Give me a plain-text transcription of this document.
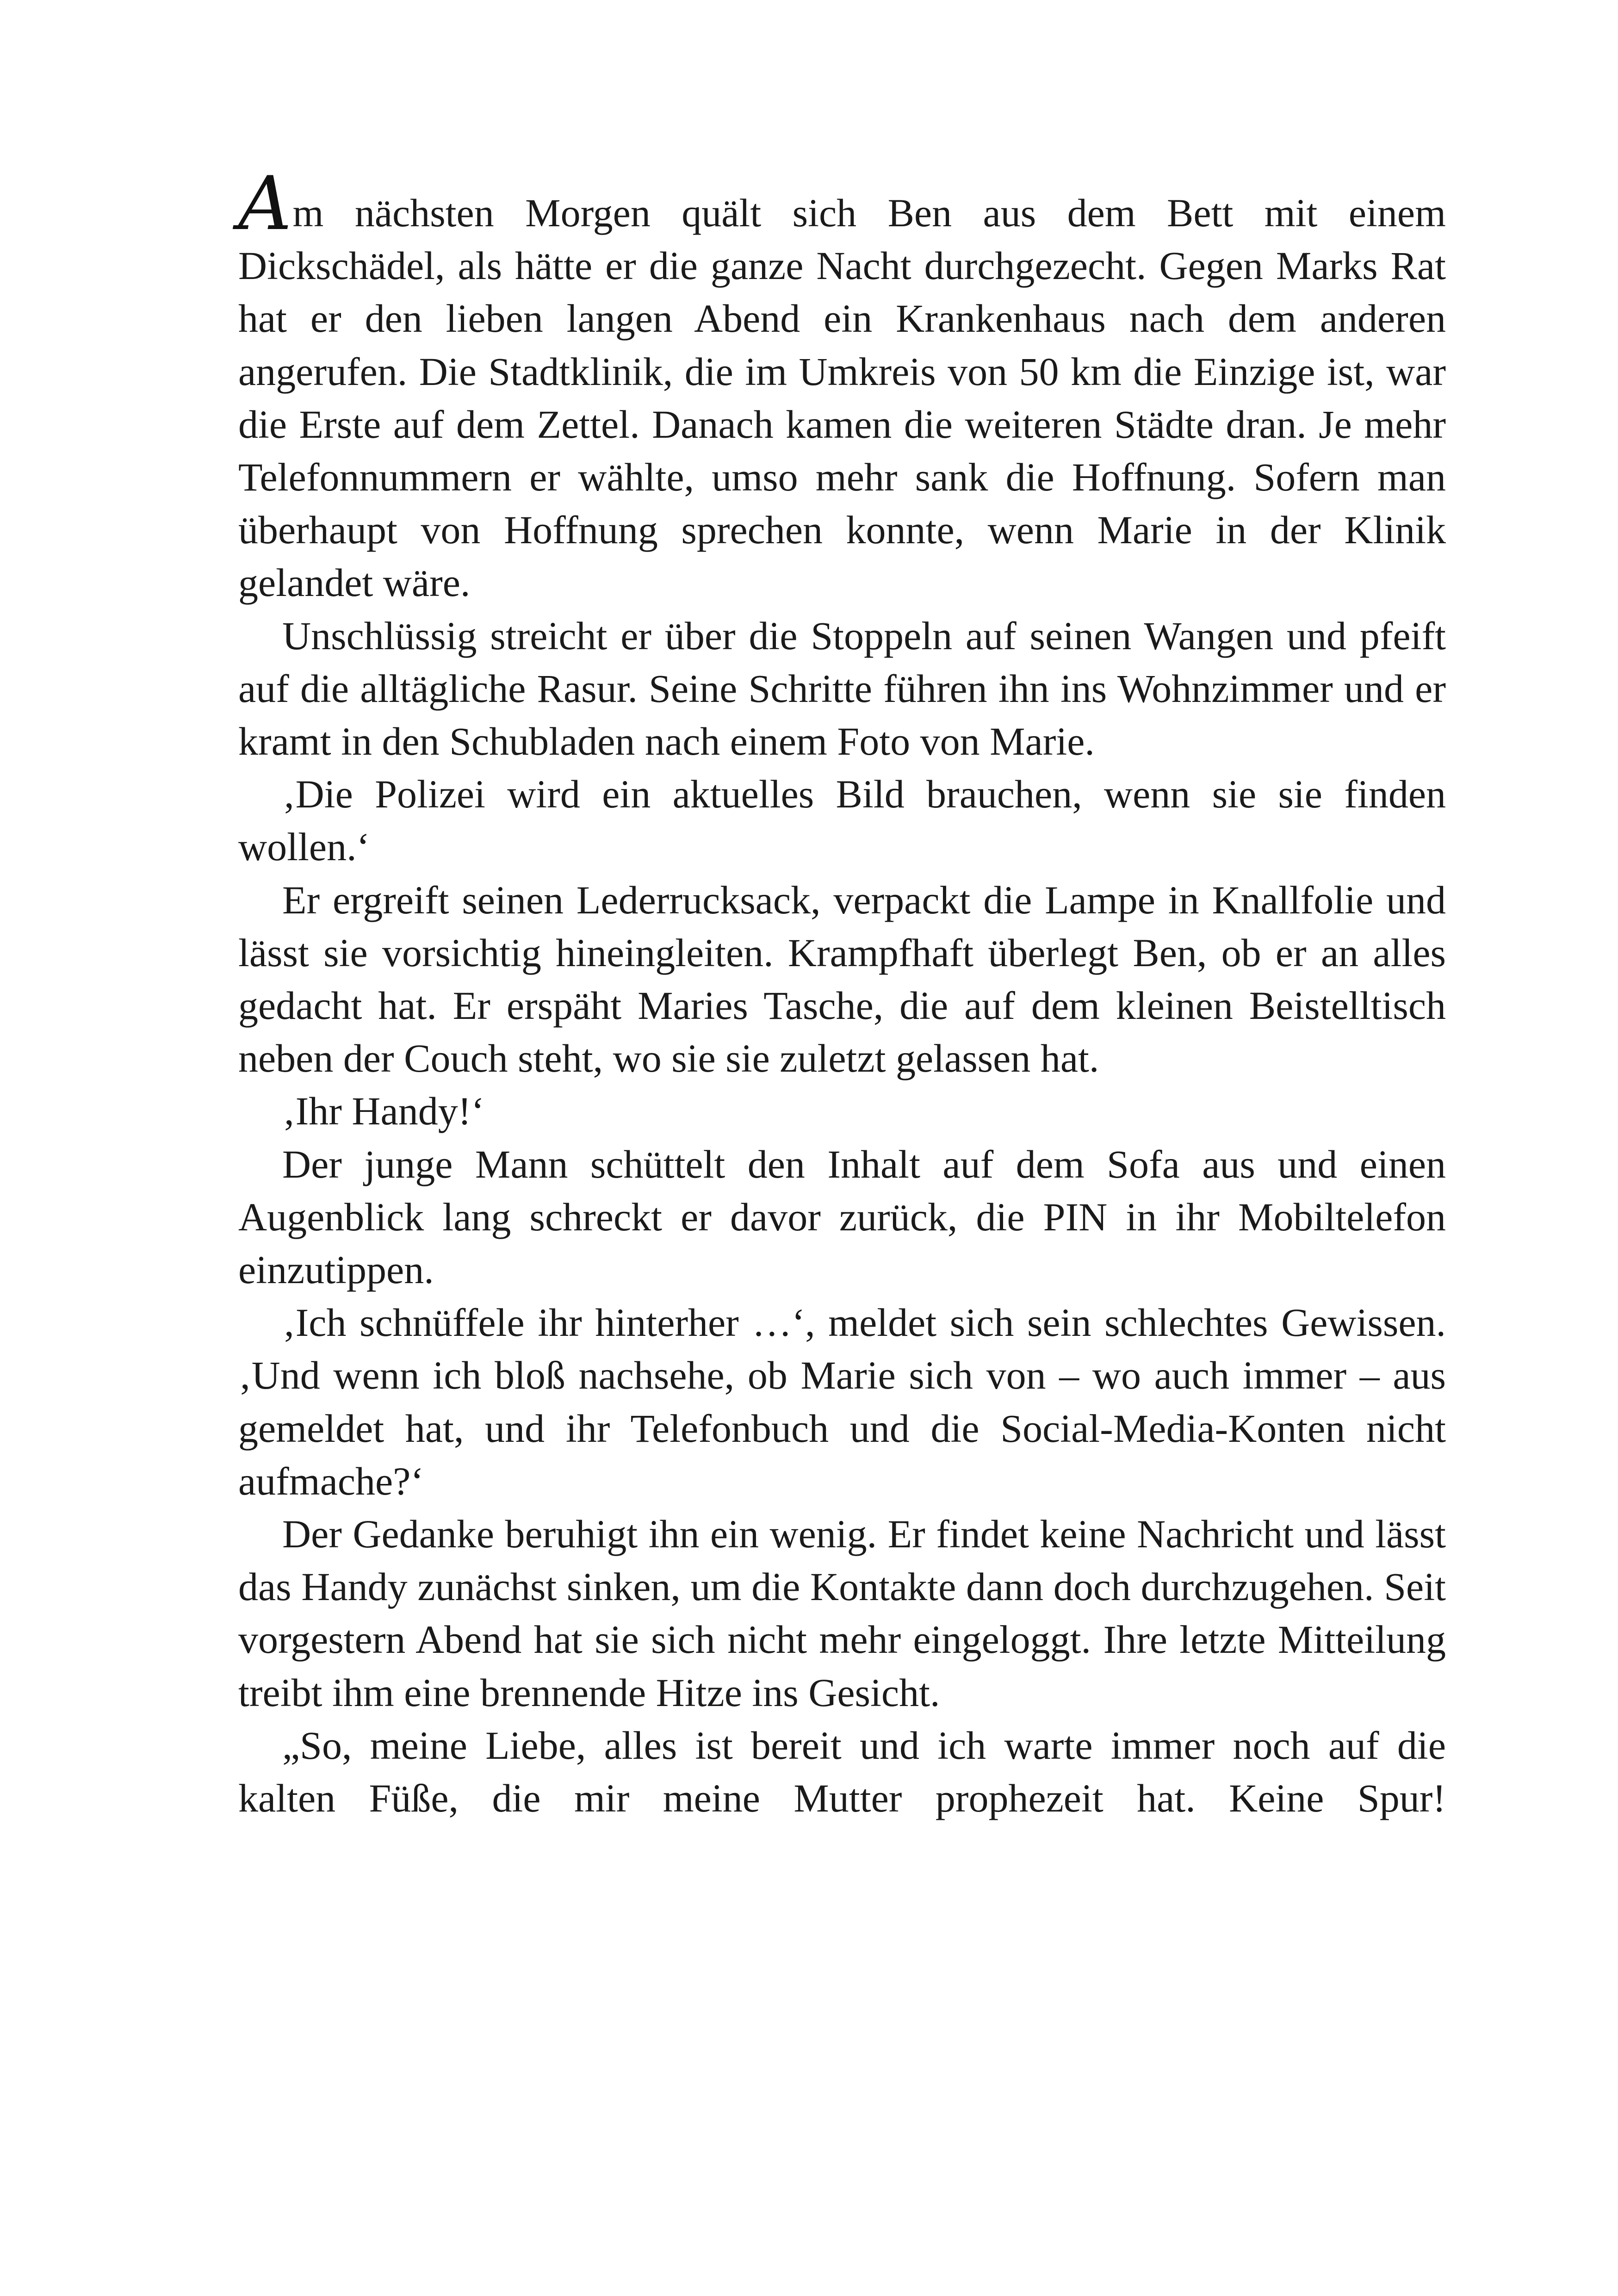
Am nächsten Morgen quält sich Ben aus dem Bett mit einem Dickschädel, als hätte er die ganze Nacht durchgezecht. Gegen Marks Rat hat er den lieben langen Abend ein Krankenhaus nach dem anderen angerufen. Die Stadtklinik, die im Umkreis von 50 km die Einzige ist, war die Erste auf dem Zettel. Danach kamen die weiteren Städte dran. Je mehr Telefonnummern er wählte, umso mehr sank die Hoffnung. Sofern man überhaupt von Hoffnung sprechen konnte, wenn Marie in der Klinik gelandet wäre.

Unschlüssig streicht er über die Stoppeln auf seinen Wangen und pfeift auf die alltägliche Rasur. Seine Schritte führen ihn ins Wohnzimmer und er kramt in den Schubladen nach einem Foto von Marie.

‚Die Polizei wird ein aktuelles Bild brauchen, wenn sie sie finden wollen.‘

Er ergreift seinen Lederrucksack, verpackt die Lampe in Knallfolie und lässt sie vorsichtig hineingleiten. Krampfhaft überlegt Ben, ob er an alles gedacht hat. Er erspäht Maries Tasche, die auf dem kleinen Beistelltisch neben der Couch steht, wo sie sie zuletzt gelassen hat.

‚Ihr Handy!‘

Der junge Mann schüttelt den Inhalt auf dem Sofa aus und einen Augenblick lang schreckt er davor zurück, die PIN in ihr Mobiltelefon einzutippen.

‚Ich schnüffele ihr hinterher …‘, meldet sich sein schlechtes Gewissen. ‚Und wenn ich bloß nachsehe, ob Marie sich von – wo auch immer – aus gemeldet hat, und ihr Telefonbuch und die Social-Media-Konten nicht aufmache?‘

Der Gedanke beruhigt ihn ein wenig. Er findet keine Nachricht und lässt das Handy zunächst sinken, um die Kontakte dann doch durchzugehen. Seit vorgestern Abend hat sie sich nicht mehr eingeloggt. Ihre letzte Mitteilung treibt ihm eine brennende Hitze ins Gesicht.

„So, meine Liebe, alles ist bereit und ich warte immer noch auf die kalten Füße, die mir meine Mutter prophezeit hat. Keine Spur!
